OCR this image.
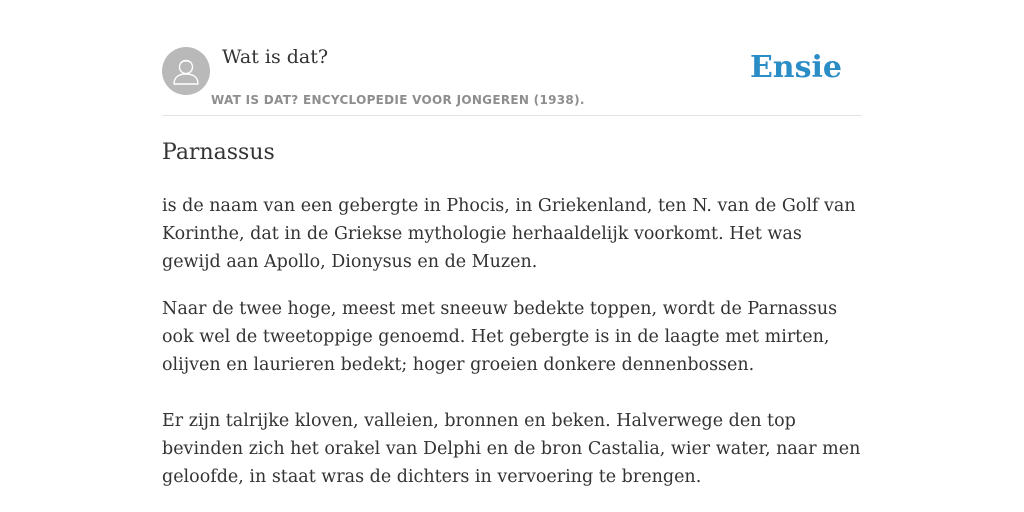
Wat is dat?
WAT IS DAT? ENCYCLOPEDIE VOOR JONGEREN (1938).
Ensie
Parnassus

is de naam van een gebergte in Phocis, in Griekenland, ten N. van de Golf van Korinthe, dat in de Griekse mythologie herhaaldelijk voorkomt. Het was gewijd aan Apollo, Dionysus en de Muzen.

Naar de twee hoge, meest met sneeuw bedekte toppen, wordt de Parnassus ook wel de tweetoppige genoemd. Het gebergte is in de laagte met mirten, olijven en laurieren bedekt; hoger groeien donkere dennenbossen.

Er zijn talrijke kloven, valleien, bronnen en beken. Halverwege den top bevinden zich het orakel van Delphi en de bron Castalia, wier water, naar men geloofde, in staat wras de dichters in vervoering te brengen.
